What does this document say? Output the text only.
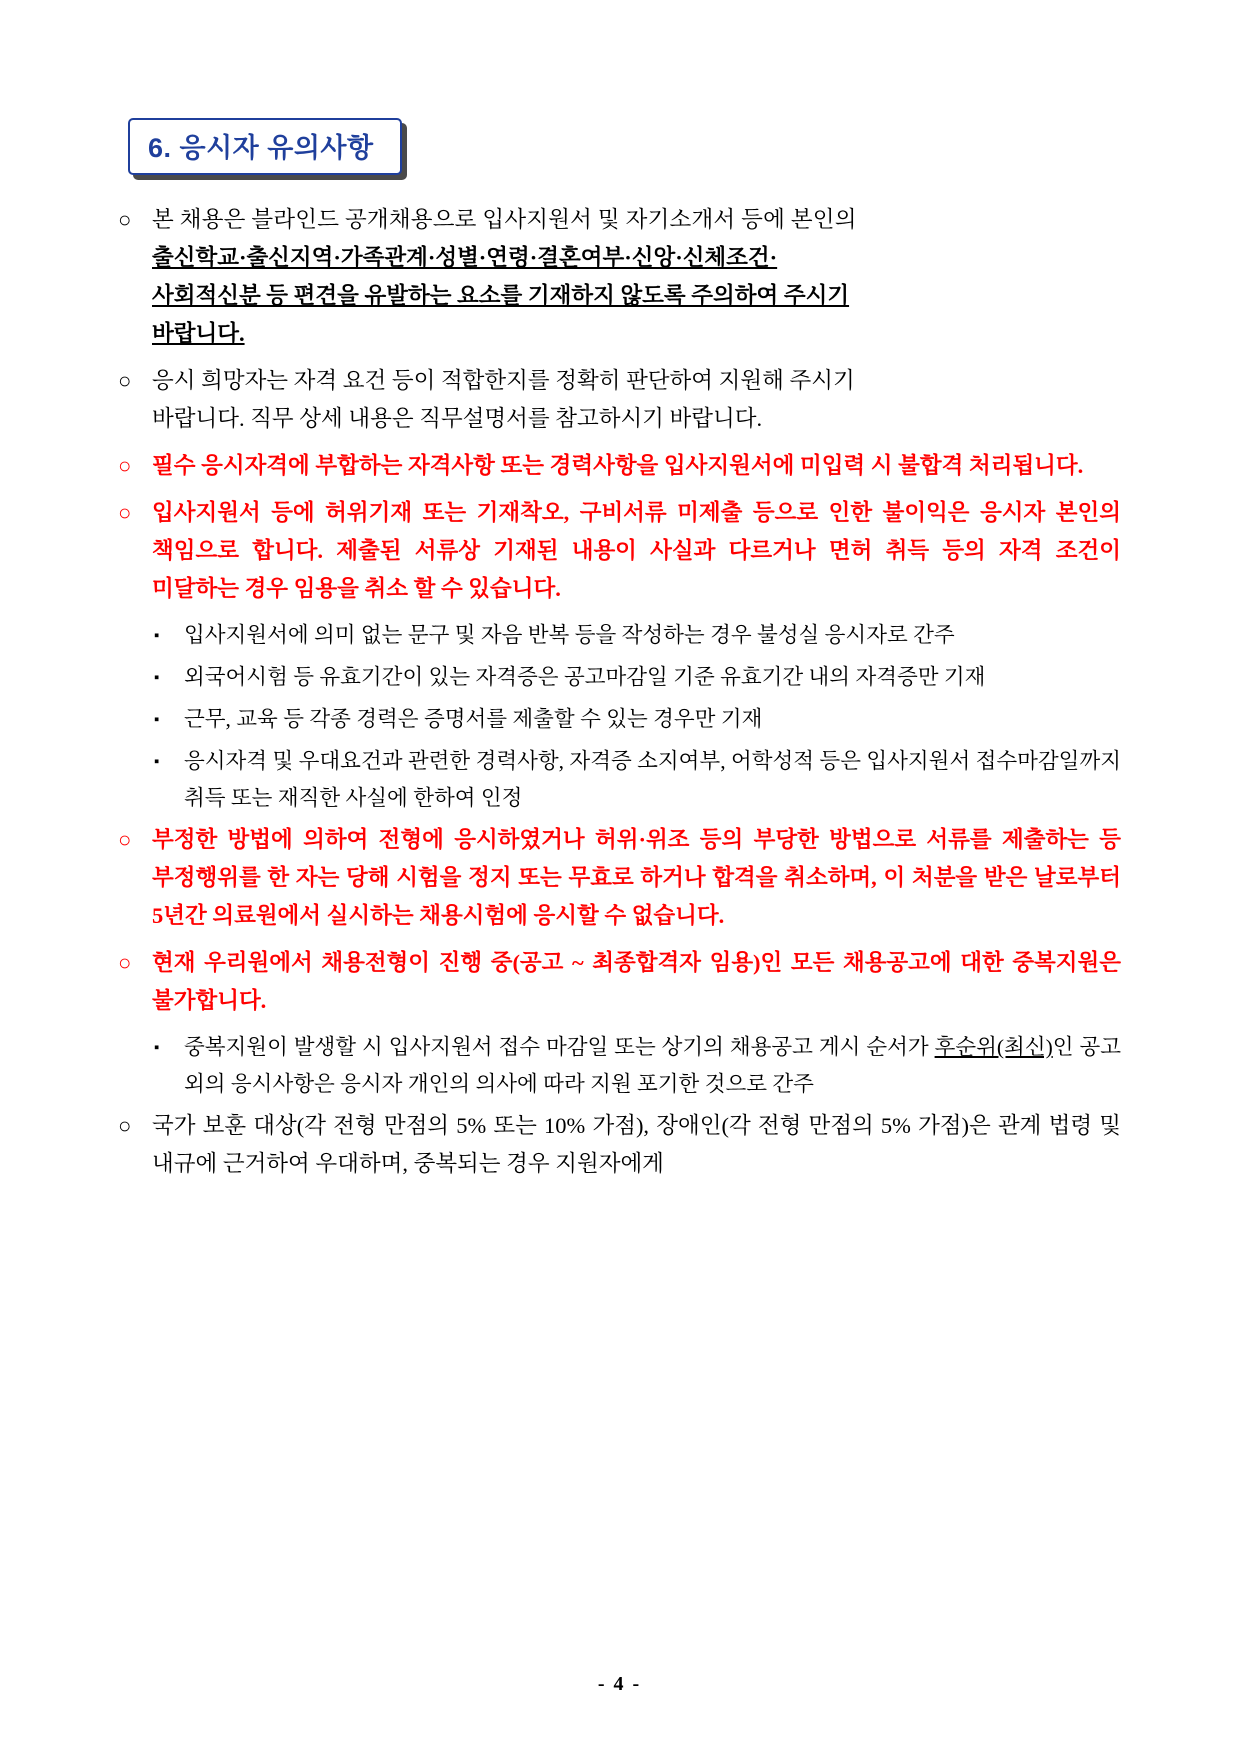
6. 응시자 유의사항
○ 본 채용은 블라인드 공개채용으로 입사지원서 및 자기소개서 등에 본인의
출신학교·출신지역·가족관계·성별·연령·결혼여부·신앙·신체조건·
사회적신분 등 편견을 유발하는 요소를 기재하지 않도록 주의하여 주시기
바랍니다.
○ 응시 희망자는 자격 요건 등이 적합한지를 정확히 판단하여 지원해 주시기
바랍니다. 직무 상세 내용은 직무설명서를 참고하시기 바랍니다.
○ 필수 응시자격에 부합하는 자격사항 또는 경력사항을 입사지원서에 미입력 시 불합격 처리됩니다.
○ 입사지원서 등에 허위기재 또는 기재착오, 구비서류 미제출 등으로 인한 불이익은 응시자 본인의 책임으로 합니다. 제출된 서류상 기재된 내용이 사실과 다르거나 면허 취득 등의 자격 조건이 미달하는 경우 임용을 취소 할 수 있습니다.
▪	입사지원서에 의미 없는 문구 및 자음 반복 등을 작성하는 경우 불성실 응시자로 간주
▪	외국어시험 등 유효기간이 있는 자격증은 공고마감일 기준 유효기간 내의 자격증만 기재
▪	근무, 교육 등 각종 경력은 증명서를 제출할 수 있는 경우만 기재
▪	응시자격 및 우대요건과 관련한 경력사항, 자격증 소지여부, 어학성적 등은 입사지원서 접수마감일까지 취득 또는 재직한 사실에 한하여 인정
○ 부정한 방법에 의하여 전형에 응시하였거나 허위·위조 등의 부당한 방법으로 서류를 제출하는 등 부정행위를 한 자는 당해 시험을 정지 또는 무효로 하거나 합격을 취소하며, 이 처분을 받은 날로부터 5년간 의료원에서 실시하는 채용시험에 응시할 수 없습니다.
○ 현재 우리원에서 채용전형이 진행 중(공고 ~ 최종합격자 임용)인 모든 채용공고에 대한 중복지원은 불가합니다.
▪	중복지원이 발생할 시 입사지원서 접수 마감일 또는 상기의 채용공고 게시 순서가 후순위(최신)인 공고 외의 응시사항은 응시자 개인의 의사에 따라 지원 포기한 것으로 간주
○ 국가 보훈 대상(각 전형 만점의 5% 또는 10% 가점), 장애인(각 전형 만점의 5% 가점)은 관계 법령 및 내규에 근거하여 우대하며, 중복되는 경우 지원자에게
- 4 -
